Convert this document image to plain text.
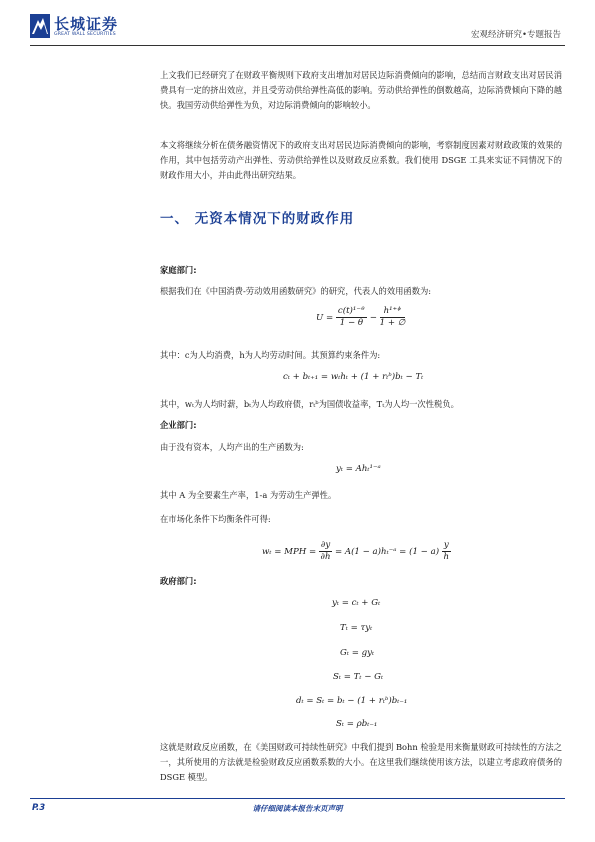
长城证券
GREAT WALL SECURITIES	宏观经济研究•专题报告
上文我们已经研究了在财政平衡规则下政府支出增加对居民边际消费倾向的影响，总结而言财政支出对居民消费具有一定的挤出效应，并且受劳动供给弹性高低的影响。劳动供给弹性的倒数越高，边际消费倾向下降的越快。我国劳动供给弹性为负，对边际消费倾向的影响较小。
本文将继续分析在债务融资情况下的政府支出对居民边际消费倾向的影响，考察制度因素对财政政策的效果的作用，其中包括劳动产出弹性、劳动供给弹性以及财政反应系数。我们使用 DSGE 工具来实证不同情况下的财政作用大小，并由此得出研究结果。
一、 无资本情况下的财政作用
家庭部门:
根据我们在《中国消费-劳动效用函数研究》的研究，代表人的效用函数为:
$U = \frac{\text{c(t)¹⁻ᶿ}}{1 - \theta} - \frac{\text{h¹⁺ᶲ}}{1 + \emptyset}$
其中：c为人均消费，h为人均劳动时间。其预算约束条件为:
cₜ + bₜ₊₁ = wₜhₜ + (1 + rₜᵇ)bₜ − Tₜ
其中，wₜ为人均时薪，bₜ为人均政府债，rₜᵇ为国债收益率，Tₜ为人均一次性税负。
企业部门:
由于没有资本，人均产出的生产函数为:
yₜ = Ahₜ¹⁻ᵃ
其中 A 为全要素生产率，1-a 为劳动生产弹性。
在市场化条件下均衡条件可得:
wₜ = MPH = $\frac{\partial y}{\partial h} = A(1$ − a)hₜ⁻ᵃ = $(1 - a) \frac{y}{h}$
政府部门:
yₜ = cₜ + Gₜ
Tₜ = τyₜ
Gₜ = gyₜ
Sₜ = Tₜ − Gₜ
dₜ = Sₜ = bₜ − (1 + rₜᵇ)bₜ₋₁
Sₜ = ρbₜ₋₁
这就是财政反应函数，在《美国财政可持续性研究》中我们提到 Bohn 检验是用来衡量财政可持续性的方法之一，其所使用的方法就是检验财政反应函数系数的大小。在这里我们继续使用该方法，以建立考虑政府债务的 DSGE 模型。
P.3	请仔细阅读本报告末页声明
